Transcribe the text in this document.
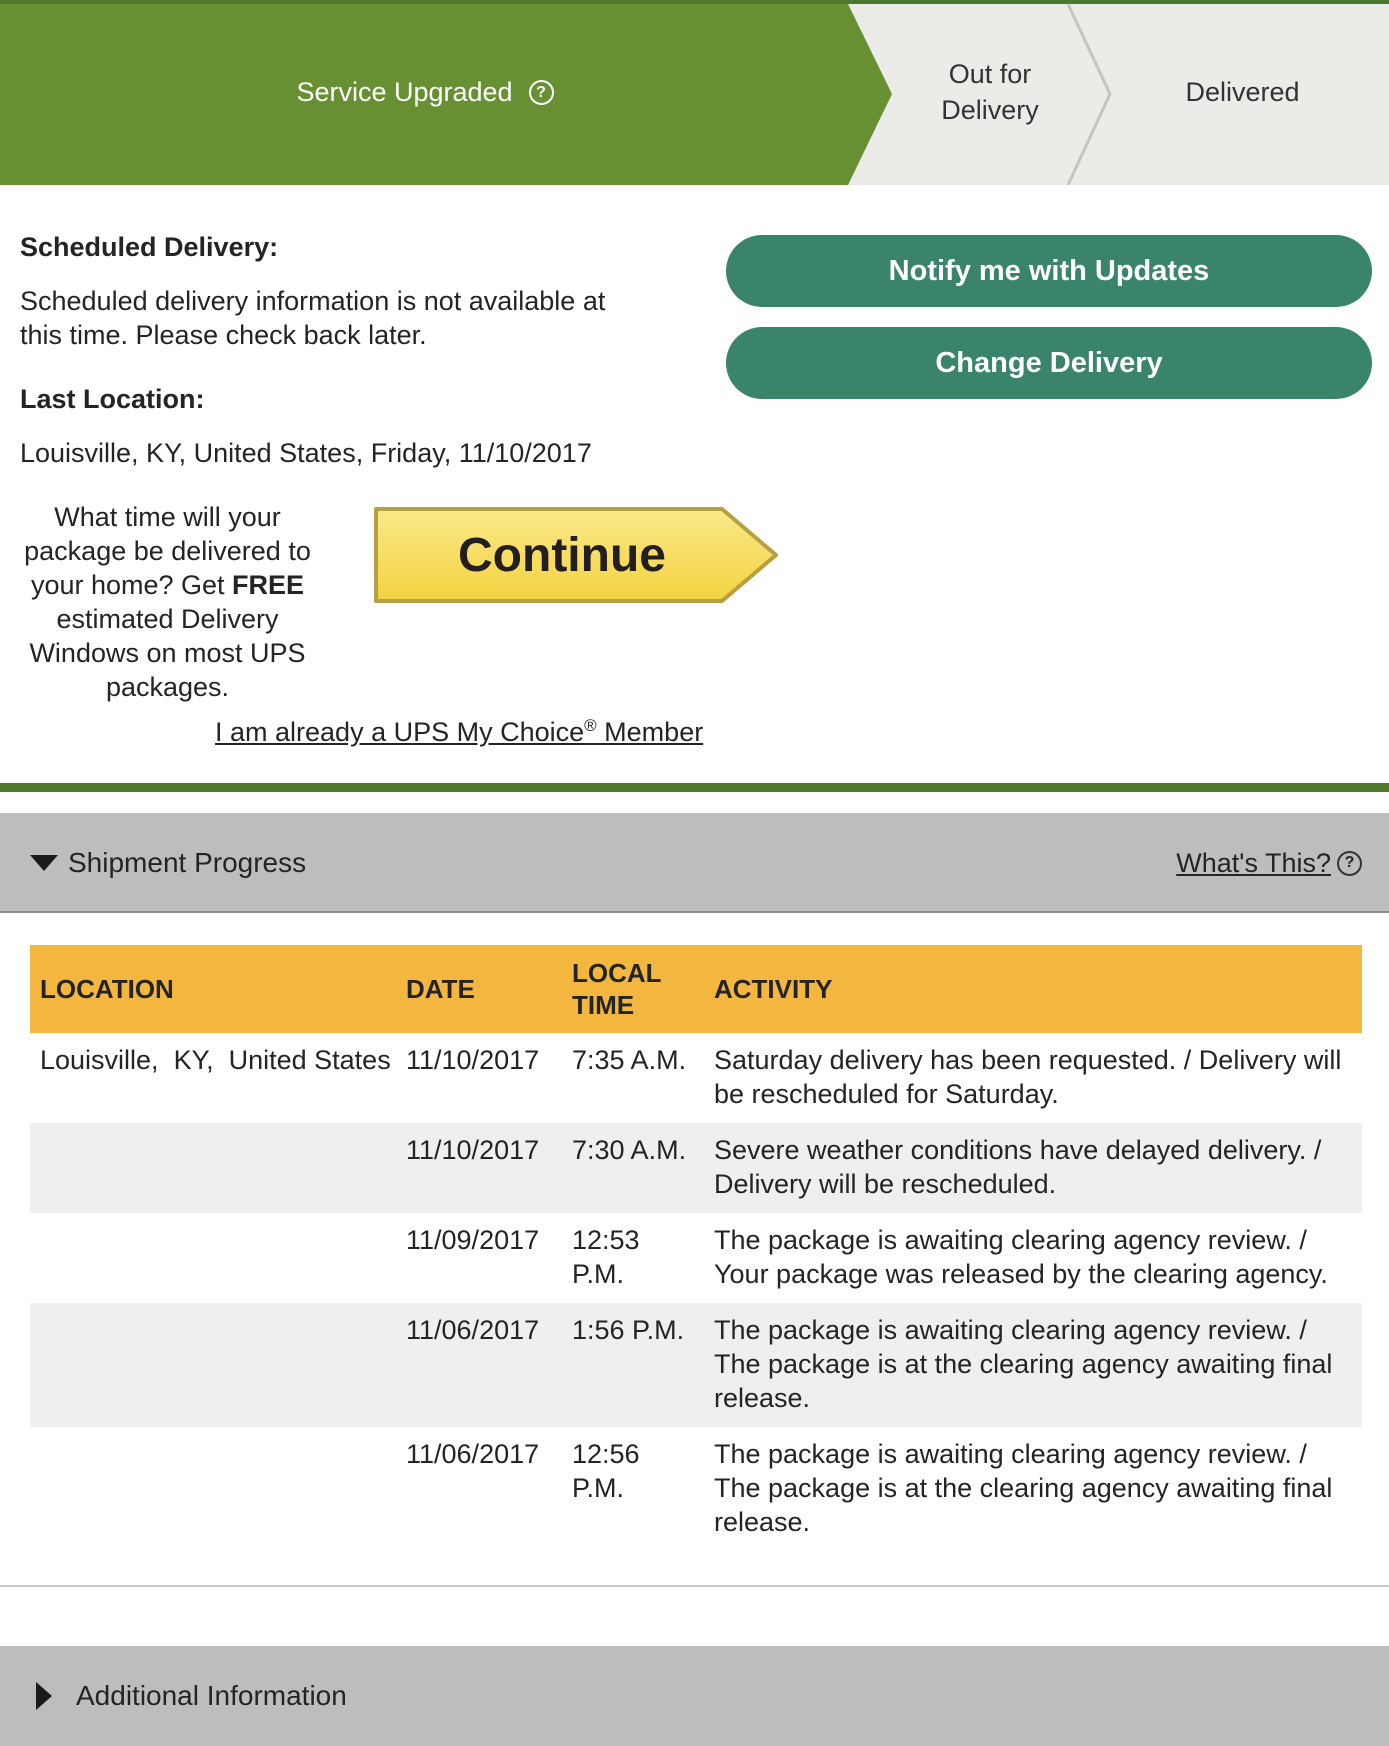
Service Upgraded	?
Out for Delivery
Delivered
Scheduled Delivery:

Scheduled delivery information is not available at this time. Please check back later.

Last Location:

Louisville, KY, United States, Friday, 11/10/2017

Notify me with Updates
Change Delivery
What time will your package be delivered to your home? Get FREE estimated Delivery Windows on most UPS packages.
Continue
I am already a UPS My Choice® Member
Shipment Progress	What's This? ?
LOCATION	DATE	LOCAL TIME	ACTIVITY
Louisville,  KY,  United States	11/10/2017	7:35 A.M.	Saturday delivery has been requested. / Delivery will be rescheduled for Saturday.
	11/10/2017	7:30 A.M.	Severe weather conditions have delayed delivery. / Delivery will be rescheduled.
	11/09/2017	12:53 P.M.	The package is awaiting clearing agency review. / Your package was released by the clearing agency.
	11/06/2017	1:56 P.M.	The package is awaiting clearing agency review. / The package is at the clearing agency awaiting final release.
	11/06/2017	12:56 P.M.	The package is awaiting clearing agency review. / The package is at the clearing agency awaiting final release.
Additional Information
